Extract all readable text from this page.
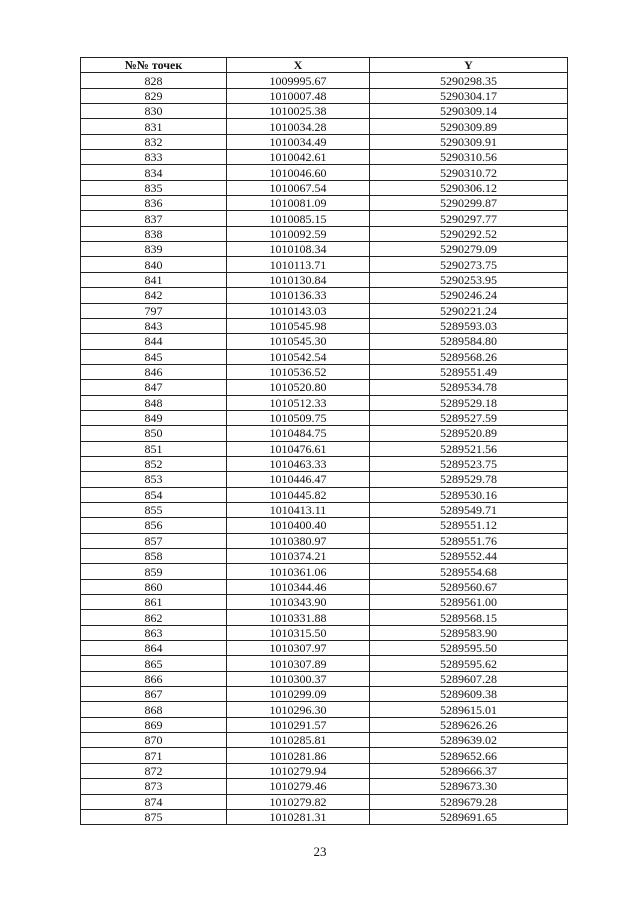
№№ точек	X	Y
828	1009995.67	5290298.35
829	1010007.48	5290304.17
830	1010025.38	5290309.14
831	1010034.28	5290309.89
832	1010034.49	5290309.91
833	1010042.61	5290310.56
834	1010046.60	5290310.72
835	1010067.54	5290306.12
836	1010081.09	5290299.87
837	1010085.15	5290297.77
838	1010092.59	5290292.52
839	1010108.34	5290279.09
840	1010113.71	5290273.75
841	1010130.84	5290253.95
842	1010136.33	5290246.24
797	1010143.03	5290221.24
843	1010545.98	5289593.03
844	1010545.30	5289584.80
845	1010542.54	5289568.26
846	1010536.52	5289551.49
847	1010520.80	5289534.78
848	1010512.33	5289529.18
849	1010509.75	5289527.59
850	1010484.75	5289520.89
851	1010476.61	5289521.56
852	1010463.33	5289523.75
853	1010446.47	5289529.78
854	1010445.82	5289530.16
855	1010413.11	5289549.71
856	1010400.40	5289551.12
857	1010380.97	5289551.76
858	1010374.21	5289552.44
859	1010361.06	5289554.68
860	1010344.46	5289560.67
861	1010343.90	5289561.00
862	1010331.88	5289568.15
863	1010315.50	5289583.90
864	1010307.97	5289595.50
865	1010307.89	5289595.62
866	1010300.37	5289607.28
867	1010299.09	5289609.38
868	1010296.30	5289615.01
869	1010291.57	5289626.26
870	1010285.81	5289639.02
871	1010281.86	5289652.66
872	1010279.94	5289666.37
873	1010279.46	5289673.30
874	1010279.82	5289679.28
875	1010281.31	5289691.65
23
